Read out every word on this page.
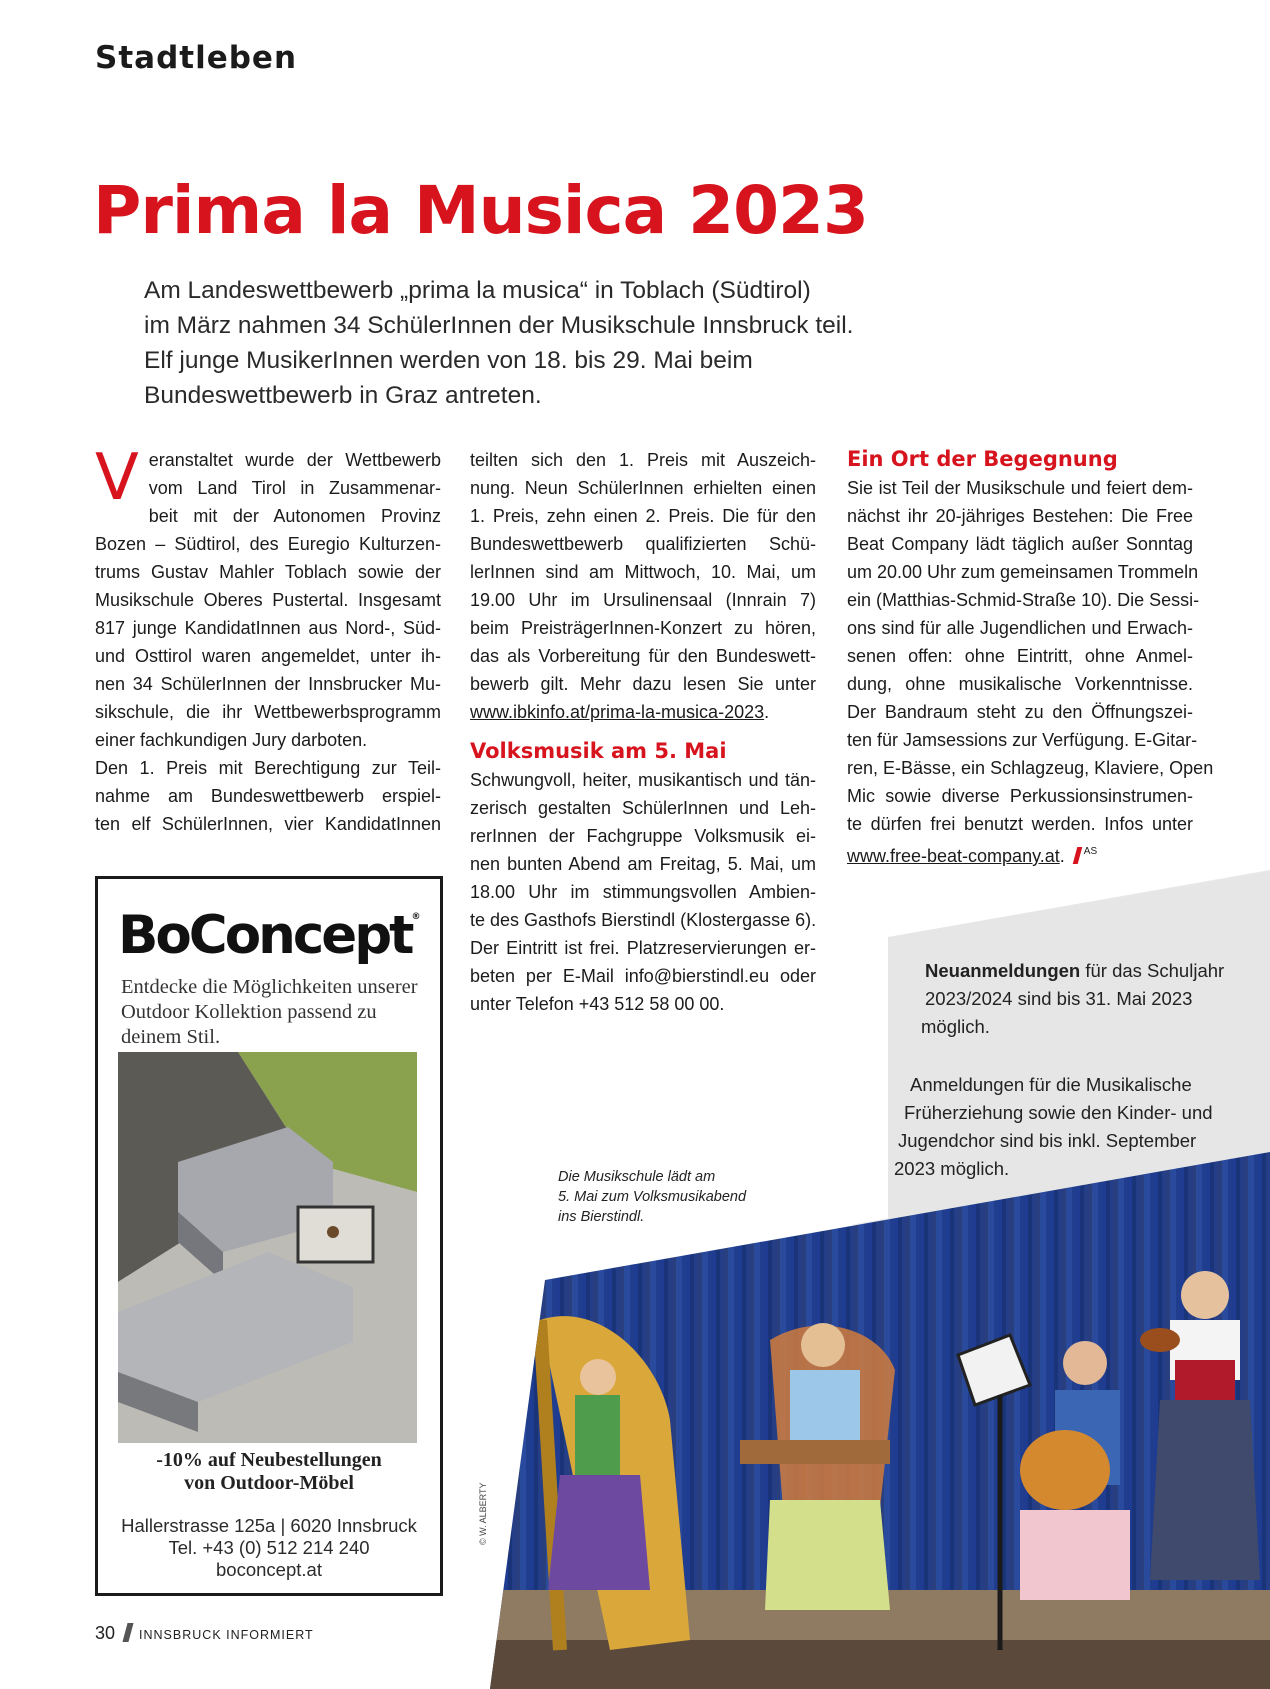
Stadtleben
Prima la Musica 2023
Am Landeswettbewerb „prima la musica“ in Toblach (Südtirol)
im März nahmen 34 SchülerInnen der Musikschule Innsbruck teil.
Elf junge MusikerInnen werden von 18. bis 29. Mai beim
Bundeswettbewerb in Graz antreten.
V eranstaltet wurde der Wettbewerb
vom Land Tirol in Zusammenar-
beit mit der Autonomen Provinz
Bozen – Südtirol, des Euregio Kulturzen-
trums Gustav Mahler Toblach sowie der
Musikschule Oberes Pustertal. Insgesamt
817 junge KandidatInnen aus Nord-, Süd-
und Osttirol waren angemeldet, unter ih-
nen 34 SchülerInnen der Innsbrucker Mu-
sikschule, die ihr Wettbewerbsprogramm
einer fachkundigen Jury darboten.
Den 1. Preis mit Berechtigung zur Teil-
nahme am Bundeswettbewerb erspiel-
ten elf SchülerInnen, vier KandidatInnen
teilten sich den 1. Preis mit Auszeich-
nung. Neun SchülerInnen erhielten einen
1. Preis, zehn einen 2. Preis. Die für den
Bundeswettbewerb qualifizierten Schü-
lerInnen sind am Mittwoch, 10. Mai, um
19.00 Uhr im Ursulinensaal (Innrain 7)
beim PreisträgerInnen-Konzert zu hören,
das als Vorbereitung für den Bundeswett-
bewerb gilt. Mehr dazu lesen Sie unter
www.ibkinfo.at/prima-la-musica-2023.
Volksmusik am 5. Mai
Schwungvoll, heiter, musikantisch und tän-
zerisch gestalten SchülerInnen und Leh-
rerInnen der Fachgruppe Volksmusik ei-
nen bunten Abend am Freitag, 5. Mai, um
18.00 Uhr im stimmungsvollen Ambien-
te des Gasthofs Bierstindl (Klostergasse 6).
Der Eintritt ist frei. Platzreservierungen er-
beten per E-Mail info@bierstindl.eu oder
unter Telefon +43 512 58 00 00.
Ein Ort der Begegnung
Sie ist Teil der Musikschule und feiert dem-
nächst ihr 20-jähriges Bestehen: Die Free
Beat Company lädt täglich außer Sonntag
um 20.00 Uhr zum gemeinsamen Trommeln
ein (Matthias-Schmid-Straße 10). Die Sessi-
ons sind für alle Jugendlichen und Erwach-
senen offen: ohne Eintritt, ohne Anmel-
dung, ohne musikalische Vorkenntnisse.
Der Bandraum steht zu den Öffnungszei-
ten für Jamsessions zur Verfügung. E-Gitar-
ren, E-Bässe, ein Schlagzeug, Klaviere, Open
Mic sowie diverse Perkussionsinstrumen-
te dürfen frei benutzt werden. Infos unter
www.free-beat-company.at. $^{AS}$
Neuanmeldungen für das Schuljahr
2023/2024 sind bis 31. Mai 2023
möglich.
Anmeldungen für die Musikalische
Früherziehung sowie den Kinder- und
Jugendchor sind bis inkl. September
2023 möglich.
Die Musikschule lädt am
5. Mai zum Volksmusikabend
ins Bierstindl.
© W. ALBERTY
BoConcept®
Entdecke die Möglichkeiten unserer Outdoor Kollektion passend zu deinem Stil.
-10% auf Neubestellungen
von Outdoor-Möbel
Hallerstrasse 125a | 6020 Innsbruck
Tel. +43 (0) 512 214 240
boconcept.at
30 INNSBRUCK INFORMIERT
